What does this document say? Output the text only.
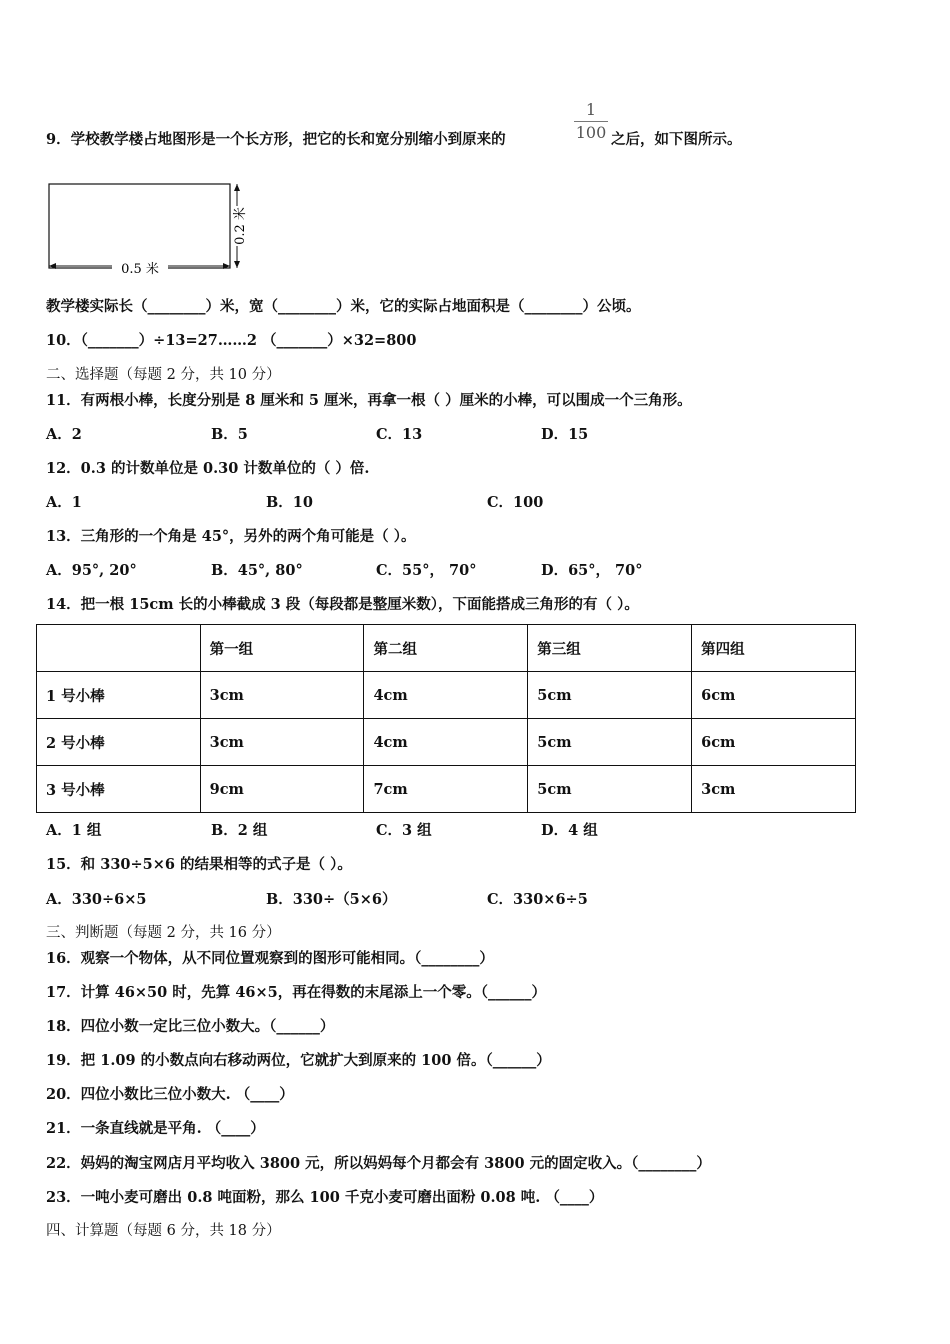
9．学校教学楼占地图形是一个长方形，把它的长和宽分别缩小到原来的
1
100 之后，如下图所示。
0.5 米
0.2 米
教学楼实际长（________）米，宽（________）米，它的实际占地面积是（________）公顷。
10．（_______）÷13=27……2 （_______）×32=800
二、选择题（每题 2 分，共 10 分）
11．有两根小棒，长度分别是 8 厘米和 5 厘米，再拿一根（ ）厘米的小棒，可以围成一个三角形。
A．2	B．5	C．13	D．15
12．0.3 的计数单位是 0.30 计数单位的（ ）倍.
A．1	B．10	C．100
13．三角形的一个角是 45°，另外的两个角可能是（ ）。
A．95°, 20°	B．45°, 80°	C．55°， 70°	D．65°， 70°
14．把一根 15cm 长的小棒截成 3 段（每段都是整厘米数），下面能搭成三角形的有（ ）。
	第一组	第二组	第三组	第四组
1 号小棒	3cm	4cm	5cm	6cm
2 号小棒	3cm	4cm	5cm	6cm
3 号小棒	9cm	7cm	5cm	3cm
A．1 组	B．2 组	C．3 组	D．4 组
15．和 330÷5×6 的结果相等的式子是（ ）。
A．330÷6×5	B．330÷（5×6）	C．330×6÷5
三、判断题（每题 2 分，共 16 分）
16．观察一个物体，从不同位置观察到的图形可能相同。（________）
17．计算 46×50 时，先算 46×5，再在得数的末尾添上一个零。（______）
18．四位小数一定比三位小数大。（______）
19．把 1.09 的小数点向右移动两位，它就扩大到原来的 100 倍。（______）
20．四位小数比三位小数大. （____）
21．一条直线就是平角. （____）
22．妈妈的淘宝网店月平均收入 3800 元，所以妈妈每个月都会有 3800 元的固定收入。（________）
23．一吨小麦可磨出 0.8 吨面粉，那么 100 千克小麦可磨出面粉 0.08 吨. （____）
四、计算题（每题 6 分，共 18 分）
